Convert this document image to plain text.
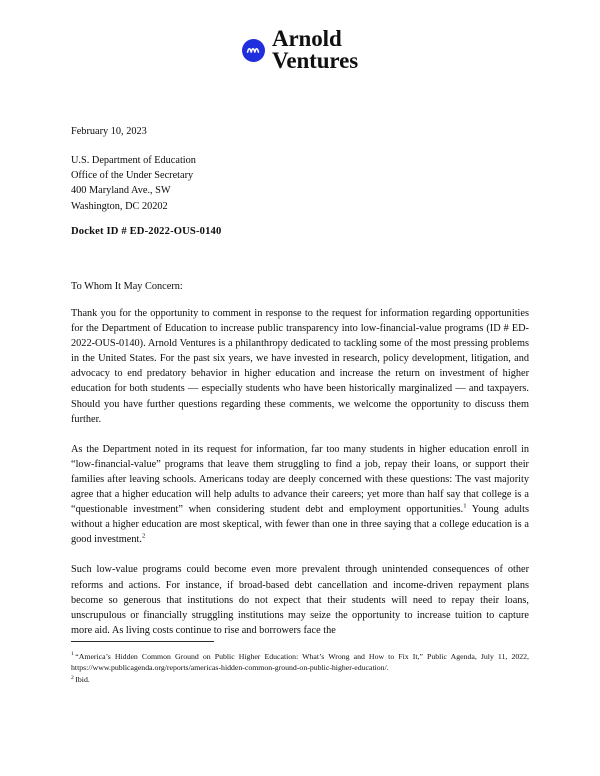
Arnold
Ventures
February 10, 2023
U.S. Department of Education
Office of the Under Secretary
400 Maryland Ave., SW
Washington, DC 20202
Docket ID # ED-2022-OUS-0140
To Whom It May Concern:

Thank you for the opportunity to comment in response to the request for information regarding opportunities for the Department of Education to increase public transparency into low-financial-value programs (ID # ED-2022-OUS-0140). Arnold Ventures is a philanthropy dedicated to tackling some of the most pressing problems in the United States. For the past six years, we have invested in research, policy development, litigation, and advocacy to end predatory behavior in higher education and increase the return on investment of higher education for both students — especially students who have been historically marginalized — and taxpayers. Should you have further questions regarding these comments, we welcome the opportunity to discuss them further.

As the Department noted in its request for information, far too many students in higher education enroll in “low-financial-value” programs that leave them struggling to find a job, repay their loans, or support their families after leaving schools. Americans today are deeply concerned with these questions: The vast majority agree that a higher education will help adults to advance their careers; yet more than half say that college is a “questionable investment” when considering student debt and employment opportunities.$^1$ Young adults without a higher education are most skeptical, with fewer than one in three saying that a college education is a good investment.$^2$

Such low-value programs could become even more prevalent through unintended consequences of other reforms and actions. For instance, if broad-based debt cancellation and income-driven repayment plans become so generous that institutions do not expect that their students will need to repay their loans, unscrupulous or financially struggling institutions may seize the opportunity to increase tuition to capture more aid. As living costs continue to rise and borrowers face the

$^1$ “America’s Hidden Common Ground on Public Higher Education: What’s Wrong and How to Fix It,” Public Agenda, July 11, 2022, https://www.publicagenda.org/reports/americas-hidden-common-ground-on-public-higher-education/.

$^2$ Ibid.
